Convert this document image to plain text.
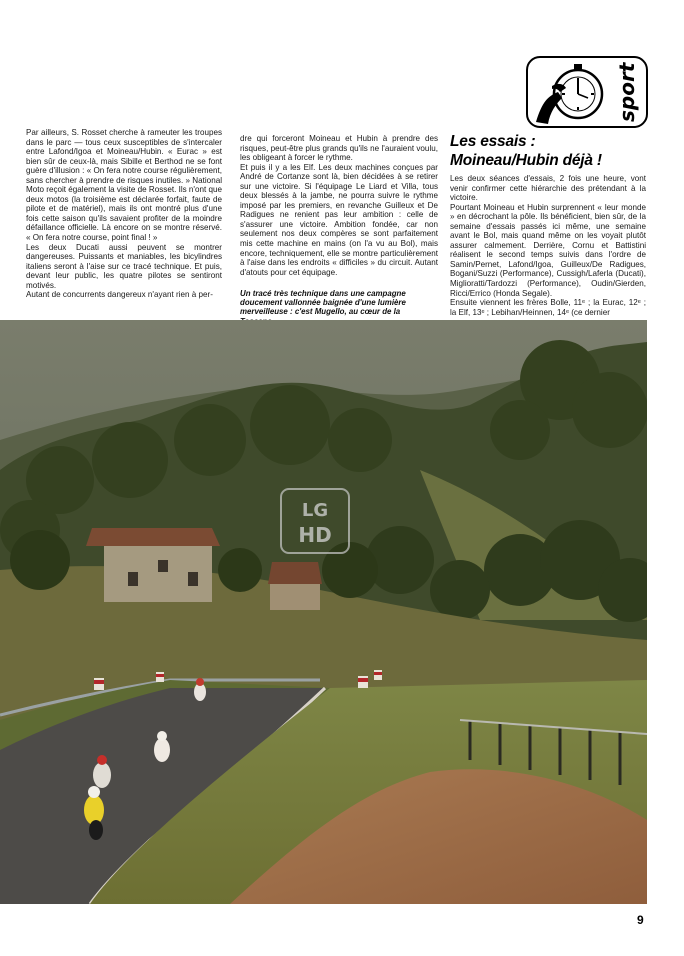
sport

Par ailleurs, S. Rosset cherche à rameuter les troupes dans le parc — tous ceux susceptibles de s'intercaler entre Lafond/Igoa et Moineau/Hubin. « Eurac » est bien sûr de ceux-là, mais Sibille et Berthod ne se font guère d'illusion : « On fera notre course régulièrement, sans chercher à prendre de risques inutiles. » National Moto reçoit également la visite de Rosset. Ils n'ont que deux motos (la troisième est déclarée forfait, faute de pilote et de matériel), mais ils ont montré plus d'une fois cette saison qu'ils savaient profiter de la moindre défaillance officielle. Là encore on se montre réservé. « On fera notre course, point final ! »

Les deux Ducati aussi peuvent se montrer dangereuses. Puissants et maniables, les bicylindres italiens seront à l'aise sur ce tracé technique. Et puis, devant leur public, les quatre pilotes se sentiront motivés.

Autant de concurrents dangereux n'ayant rien à per-

dre qui forceront Moineau et Hubin à prendre des risques, peut-être plus grands qu'ils ne l'auraient voulu, les obligeant à forcer le rythme.

Et puis il y a les Elf. Les deux machines conçues par André de Cortanze sont là, bien décidées à se retirer sur une victoire. Si l'équipage Le Liard et Villa, tous deux blessés à la jambe, ne pourra suivre le rythme imposé par les premiers, en revanche Guilleux et De Radigues ne renient pas leur ambition : celle de s'assurer une victoire. Ambition fondée, car non seulement nos deux compères se sont parfaitement mis cette machine en mains (on l'a vu au Bol), mais encore, techniquement, elle se montre particulièrement à l'aise dans les endroits « difficiles » du circuit. Autant d'atouts pour cet équipage.

Un tracé très technique dans une campagne doucement vallonnée baignée d'une lumière merveilleuse : c'est Mugello, au cœur de la
Les essais :
Moineau/Hubin déjà !

Les deux séances d'essais, 2 fois une heure, vont venir confirmer cette hiérarchie des prétendant à la victoire.

Pourtant Moineau et Hubin surprennent « leur monde » en décrochant la pôle. Ils bénéficient, bien sûr, de la semaine d'essais passés ici même, une semaine avant le Bol, mais quand même on les voyait plutôt assurer calmement. Derrière, Cornu et Battistini réalisent le second temps suivis dans l'ordre de Samin/Pernet, Lafond/Igoa, Guilleux/De Radigues, Bogani/Suzzi (Performance), Cussigh/Laferla (Ducati), Miglioratti/Tardozzi (Performance), Oudin/Gierden, Ricci/Errico (Honda Segale).

Ensuite viennent les frères Bolle, 11ᵉ ; la Eurac, 12ᵉ ; la Elf, 13ᵉ ; Lebihan/Heinnen, 14ᵉ (ce dernier

LG
HD
9
